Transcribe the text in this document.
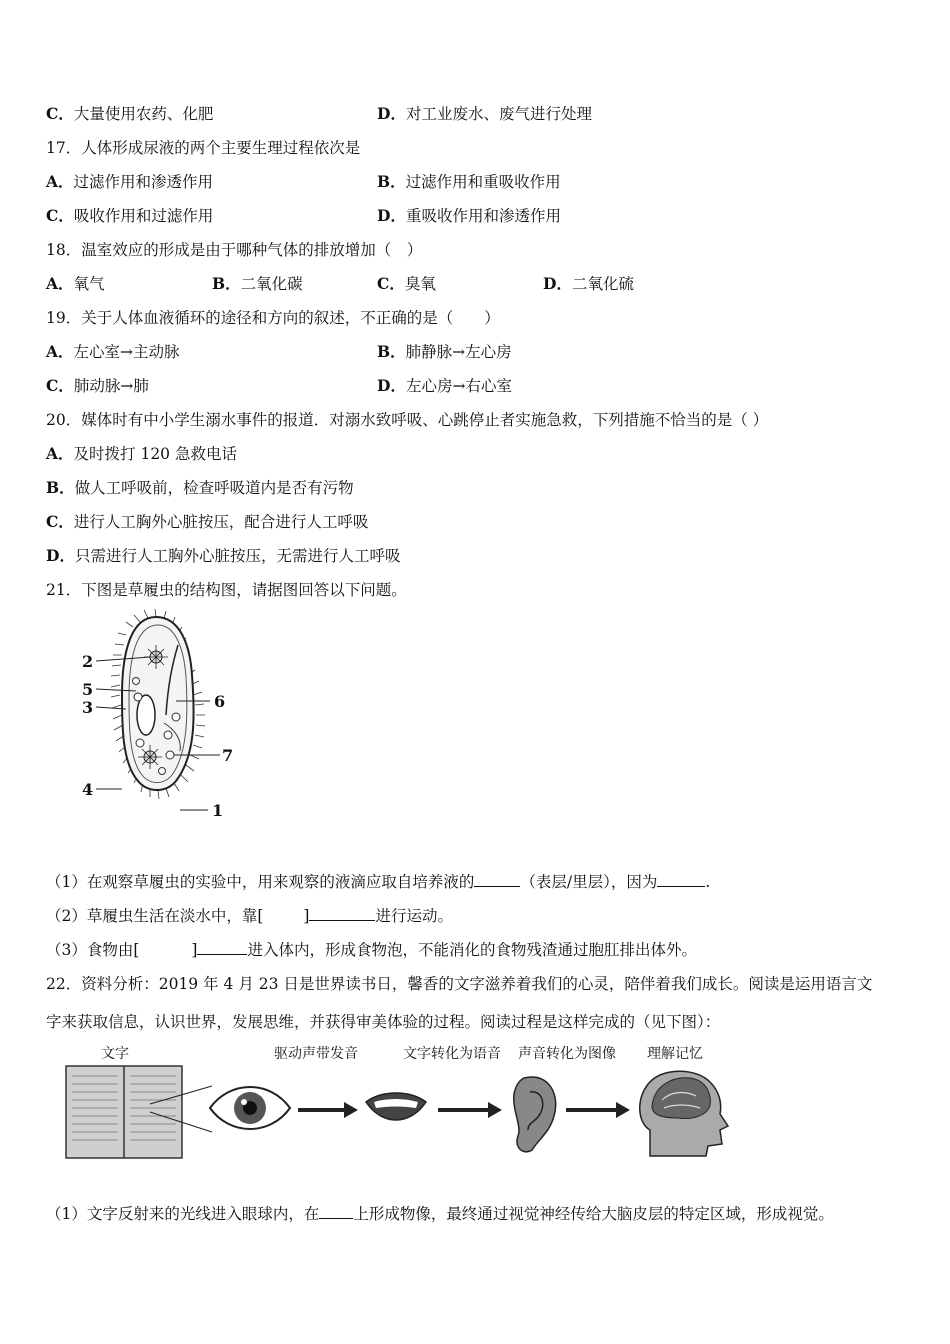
C．大量使用农药、化肥	D．对工业废水、废气进行处理
17．人体形成尿液的两个主要生理过程依次是
A．过滤作用和渗透作用	B．过滤作用和重吸收作用
C．吸收作用和过滤作用	D．重吸收作用和渗透作用
18．温室效应的形成是由于哪种气体的排放增加（　）
A．氧气	B．二氧化碳	C．臭氧	D．二氧化硫
19．关于人体血液循环的途径和方向的叙述，不正确的是（　　）
A．左心室→主动脉	B．肺静脉→左心房
C．肺动脉→肺	D．左心房→右心室
20．媒体时有中小学生溺水事件的报道．对溺水致呼吸、心跳停止者实施急救，下列措施不恰当的是（ ）
A．及时拨打 120 急救电话
B．做人工呼吸前，检查呼吸道内是否有污物
C．进行人工胸外心脏按压，配合进行人工呼吸
D．只需进行人工胸外心脏按压，无需进行人工呼吸
21．下图是草履虫的结构图，请据图回答以下问题。
2
5
3
4
6
7
1
（1）在观察草履虫的实验中，用来观察的液滴应取自培养液的	（表层/里层），因为	.
（2）草履虫生活在淡水中，靠[	]	进行运动。
（3）食物由[	]	进入体内，形成食物泡，不能消化的食物残渣通过胞肛排出体外。
22．资料分析：2019 年 4 月 23 日是世界读书日，馨香的文字滋养着我们的心灵，陪伴着我们成长。阅读是运用语言文
字来获取信息，认识世界，发展思维，并获得审美体验的过程。阅读过程是这样完成的（见下图）：
文字	驱动声带发音	文字转化为语音 声音转化为图像 理解记忆
（1）文字反射来的光线进入眼球内，在 上形成物像，最终通过视觉神经传给大脑皮层的特定区域，形成视觉。
